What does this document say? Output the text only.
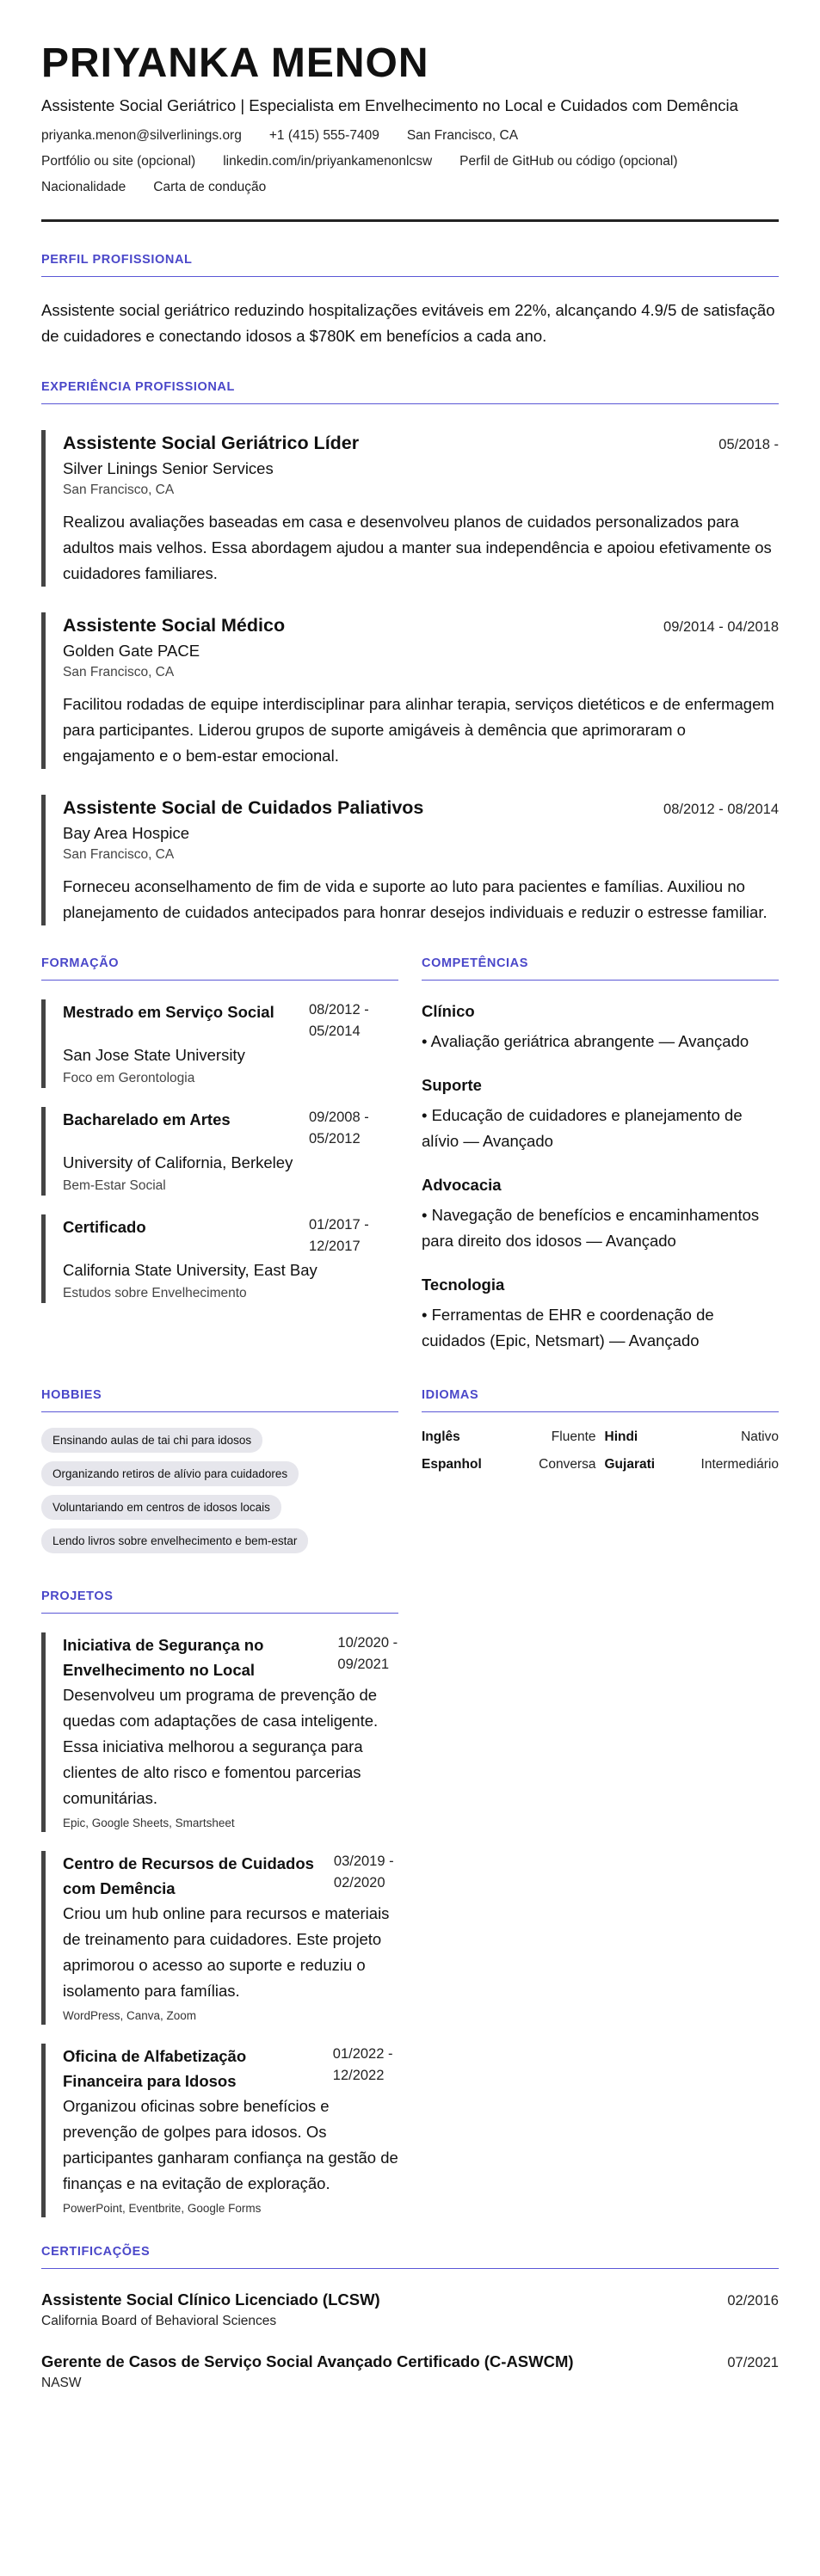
PRIYANKA MENON
Assistente Social Geriátrico | Especialista em Envelhecimento no Local e Cuidados com Demência
priyanka.menon@silverlinings.org +1 (415) 555-7409 San Francisco, CA
Portfólio ou site (opcional) linkedin.com/in/priyankamenonlcsw Perfil de GitHub ou código (opcional)
Nacionalidade Carta de condução
PERFIL PROFISSIONAL
Assistente social geriátrico reduzindo hospitalizações evitáveis em 22%, alcançando 4.9/5 de satisfação de cuidadores e conectando idosos a $780K em benefícios a cada ano.
EXPERIÊNCIA PROFISSIONAL
Assistente Social Geriátrico Líder	05/2018 -
Silver Linings Senior Services
San Francisco, CA
Realizou avaliações baseadas em casa e desenvolveu planos de cuidados personalizados para adultos mais velhos. Essa abordagem ajudou a manter sua independência e apoiou efetivamente os cuidadores familiares.
Assistente Social Médico	09/2014 - 04/2018
Golden Gate PACE
San Francisco, CA
Facilitou rodadas de equipe interdisciplinar para alinhar terapia, serviços dietéticos e de enfermagem para participantes. Liderou grupos de suporte amigáveis à demência que aprimoraram o engajamento e o bem-estar emocional.
Assistente Social de Cuidados Paliativos	08/2012 - 08/2014
Bay Area Hospice
San Francisco, CA
Forneceu aconselhamento de fim de vida e suporte ao luto para pacientes e famílias. Auxiliou no planejamento de cuidados antecipados para honrar desejos individuais e reduzir o estresse familiar.
FORMAÇÃO
Mestrado em Serviço Social	08/2012 - 05/2014
San Jose State University
Foco em Gerontologia
Bacharelado em Artes	09/2008 - 05/2012
University of California, Berkeley
Bem-Estar Social
Certificado	01/2017 - 12/2017
California State University, East Bay
Estudos sobre Envelhecimento
COMPETÊNCIAS
Clínico
• Avaliação geriátrica abrangente — Avançado
Suporte
• Educação de cuidadores e planejamento de alívio — Avançado
Advocacia
• Navegação de benefícios e encaminhamentos para direito dos idosos — Avançado
Tecnologia
• Ferramentas de EHR e coordenação de cuidados (Epic, Netsmart) — Avançado
HOBBIES
Ensinando aulas de tai chi para idosos
Organizando retiros de alívio para cuidadores
Voluntariando em centros de idosos locais
Lendo livros sobre envelhecimento e bem-estar
IDIOMAS
Inglês	Fluente Hindi	Nativo
Espanhol	Conversa Gujarati	Intermediário
PROJETOS
Iniciativa de Segurança no Envelhecimento no Local
10/2020 - 09/2021
Desenvolveu um programa de prevenção de quedas com adaptações de casa inteligente. Essa iniciativa melhorou a segurança para clientes de alto risco e fomentou parcerias comunitárias.
Epic, Google Sheets, Smartsheet
Centro de Recursos de Cuidados com Demência
03/2019 - 02/2020
Criou um hub online para recursos e materiais de treinamento para cuidadores. Este projeto aprimorou o acesso ao suporte e reduziu o isolamento para famílias.
WordPress, Canva, Zoom
Oficina de Alfabetização Financeira para Idosos
01/2022 - 12/2022
Organizou oficinas sobre benefícios e prevenção de golpes para idosos. Os participantes ganharam confiança na gestão de finanças e na evitação de exploração.
PowerPoint, Eventbrite, Google Forms
CERTIFICAÇÕES
Assistente Social Clínico Licenciado (LCSW)	02/2016
California Board of Behavioral Sciences
Gerente de Casos de Serviço Social Avançado Certificado (C-ASWCM)	07/2021
NASW
